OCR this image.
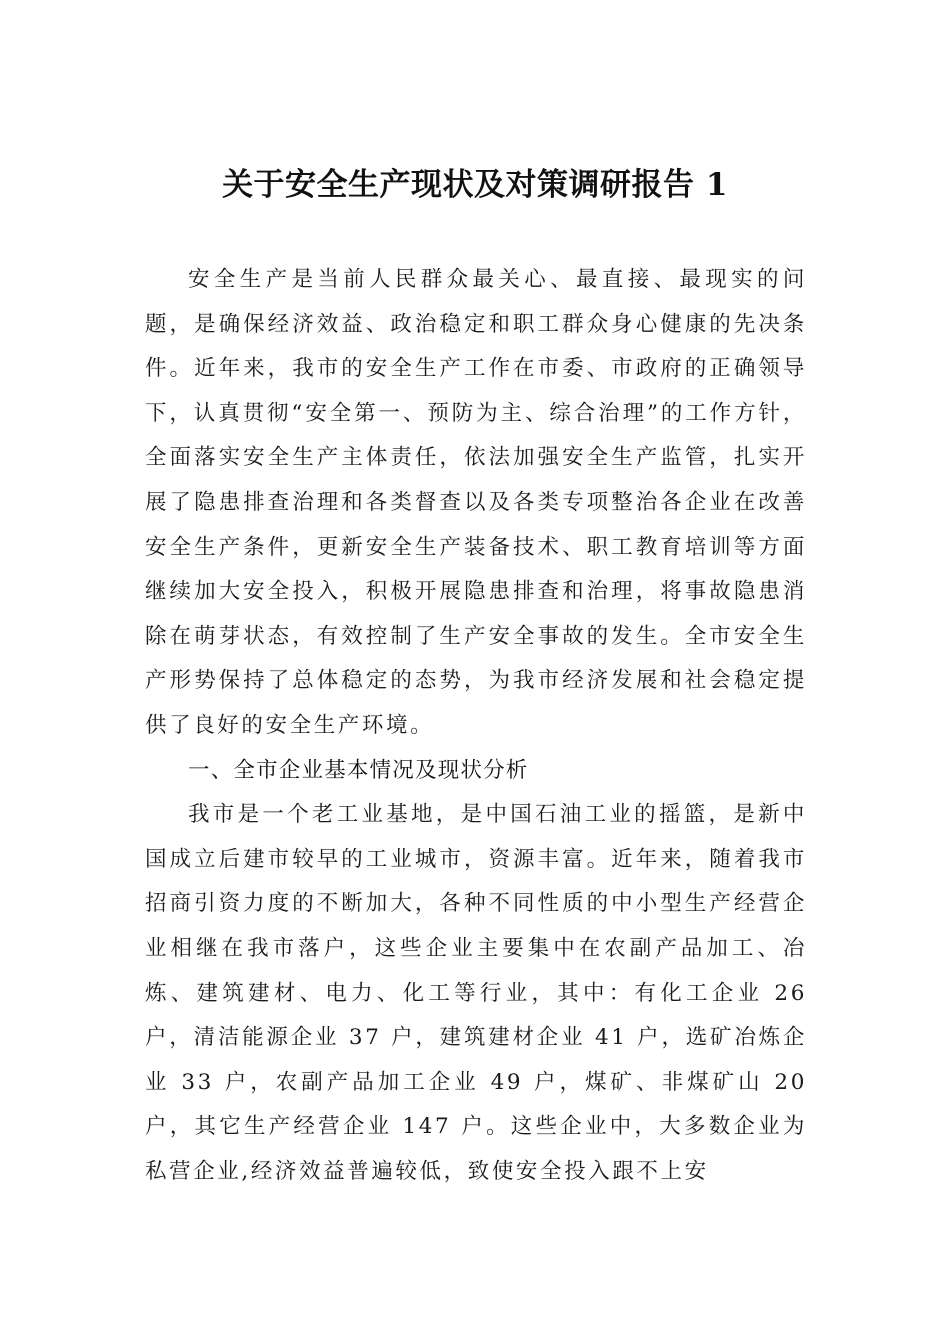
关于安全生产现状及对策调研报告 1

安全生产是当前人民群众最关心、最直接、最现实的问题，是确保经济效益、政治稳定和职工群众身心健康的先决条件。近年来，我市的安全生产工作在市委、市政府的正确领导下，认真贯彻“安全第一、预防为主、综合治理”的工作方针，全面落实安全生产主体责任，依法加强安全生产监管，扎实开展了隐患排查治理和各类督查以及各类专项整治各企业在改善安全生产条件，更新安全生产装备技术、职工教育培训等方面继续加大安全投入，积极开展隐患排查和治理，将事故隐患消除在萌芽状态，有效控制了生产安全事故的发生。全市安全生产形势保持了总体稳定的态势，为我市经济发展和社会稳定提供了良好的安全生产环境。

一、全市企业基本情况及现状分析

我市是一个老工业基地，是中国石油工业的摇篮，是新中国成立后建市较早的工业城市，资源丰富。近年来，随着我市招商引资力度的不断加大，各种不同性质的中小型生产经营企业相继在我市落户，这些企业主要集中在农副产品加工、冶炼、建筑建材、电力、化工等行业，其中：有化工企业 26 户，清洁能源企业 37 户，建筑建材企业 41 户，选矿冶炼企业 33 户，农副产品加工企业 49 户，煤矿、非煤矿山 20 户，其它生产经营企业 147 户。这些企业中，大多数企业为私营企业,经济效益普遍较低，致使安全投入跟不上安
